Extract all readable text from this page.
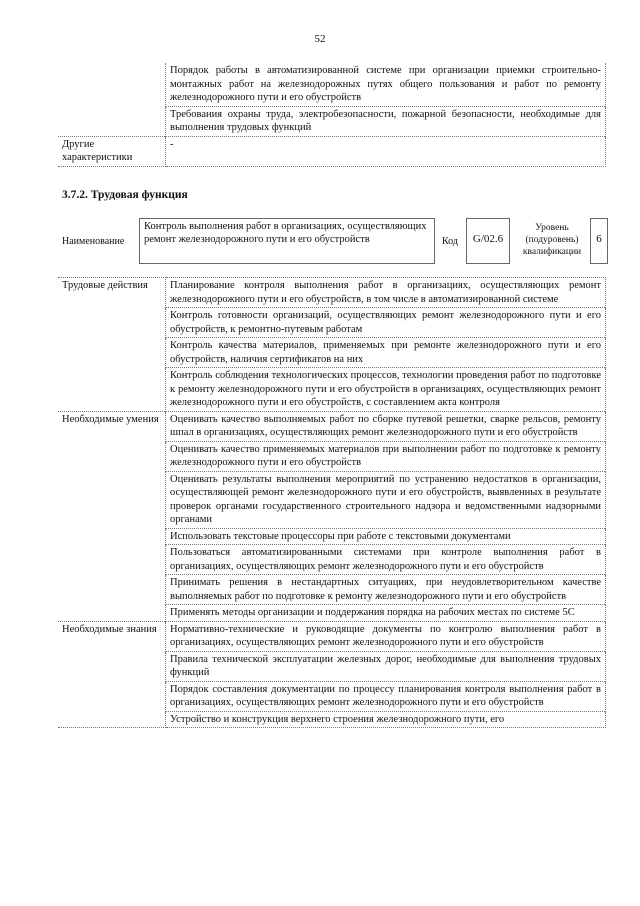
52
	Порядок работы в автоматизированной системе при организации приемки строительно-монтажных работ на железнодорожных путях общего пользования и работ по ремонту железнодорожного пути и его обустройств
	Требования охраны труда, электробезопасности, пожарной безопасности, необходимые для выполнения трудовых функций
Другие характеристики	-
3.7.2. Трудовая функция
Наименование
Контроль выполнения работ в организациях, осуществляющих ремонт железнодорожного пути и его обустройств	Код	G/02.6
Уровень (подуровень) квалификации
6
Трудовые действия	Планирование контроля выполнения работ в организациях, осуществляющих ремонт железнодорожного пути и его обустройств, в том числе в автоматизированной системе
	Контроль готовности организаций, осуществляющих ремонт железнодорожного пути и его обустройств, к ремонтно-путевым работам
	Контроль качества материалов, применяемых при ремонте железнодорожного пути и его обустройств, наличия сертификатов на них
	Контроль соблюдения технологических процессов, технологии проведения работ по подготовке к ремонту железнодорожного пути и его обустройств в организациях, осуществляющих ремонт железнодорожного пути и его обустройств, с составлением акта контроля
Необходимые умения	Оценивать качество выполняемых работ по сборке путевой решетки, сварке рельсов, ремонту шпал в организациях, осуществляющих ремонт железнодорожного пути и его обустройств
	Оценивать качество применяемых материалов при выполнении работ по подготовке к ремонту железнодорожного пути и его обустройств
	Оценивать результаты выполнения мероприятий по устранению недостатков в организации, осуществляющей ремонт железнодорожного пути и его обустройств, выявленных в результате проверок органами государственного строительного надзора и ведомственными надзорными органами
	Использовать текстовые процессоры при работе с текстовыми документами
	Пользоваться автоматизированными системами при контроле выполнения работ в организациях, осуществляющих ремонт железнодорожного пути и его обустройств
	Принимать решения в нестандартных ситуациях, при неудовлетворительном качестве выполняемых работ по подготовке к ремонту железнодорожного пути и его обустройств
	Применять методы организации и поддержания порядка на рабочих местах по системе 5С
Необходимые знания	Нормативно-технические и руководящие документы по контролю выполнения работ в организациях, осуществляющих ремонт железнодорожного пути и его обустройств
	Правила технической эксплуатации железных дорог, необходимые для выполнения трудовых функций
	Порядок составления документации по процессу планирования контроля выполнения работ в организациях, осуществляющих ремонт железнодорожного пути и его обустройств
	Устройство и конструкция верхнего строения железнодорожного пути, его
